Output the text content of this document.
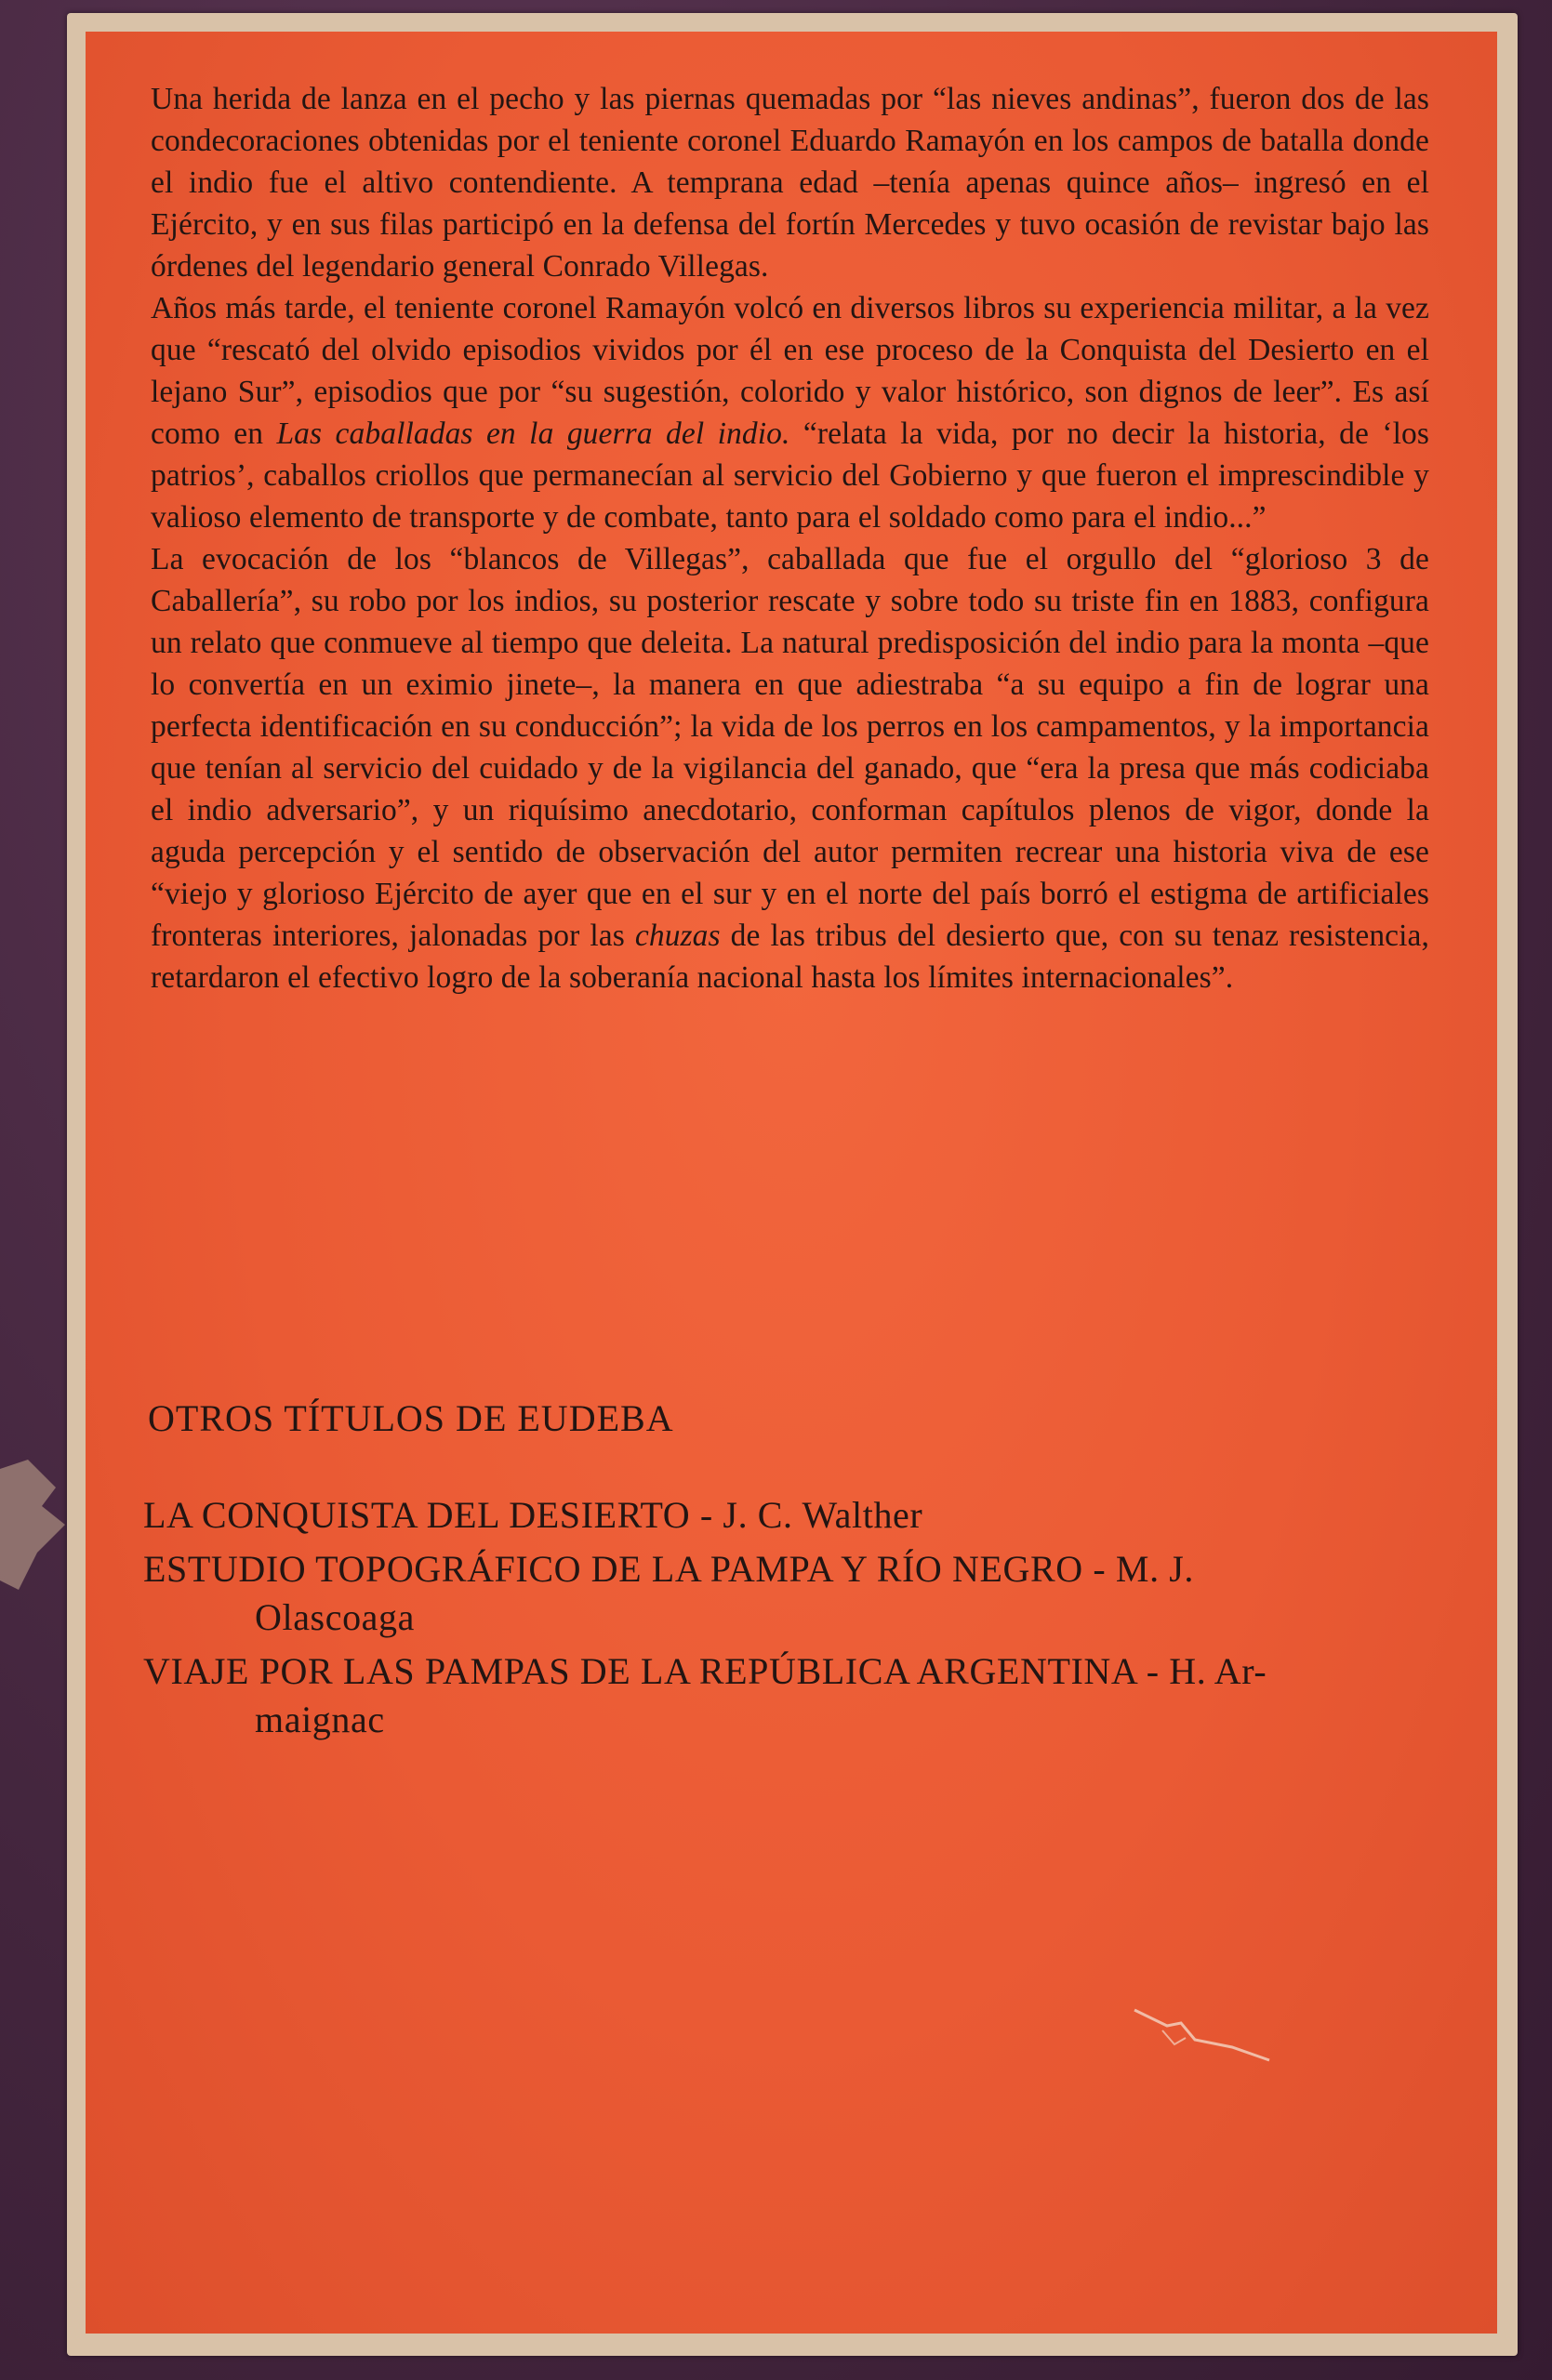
Una herida de lanza en el pecho y las piernas quemadas por “las nieves andinas”, fueron dos de las condecoraciones obtenidas por el teniente coronel Eduardo Ramayón en los campos de batalla donde el indio fue el altivo contendiente. A temprana edad –tenía apenas quince años– ingresó en el Ejército, y en sus filas participó en la defensa del fortín Mercedes y tuvo ocasión de revistar bajo las órdenes del legendario general Conrado Villegas.

Años más tarde, el teniente coronel Ramayón volcó en diversos libros su experiencia militar, a la vez que “rescató del olvido episodios vividos por él en ese proceso de la Conquista del Desierto en el lejano Sur”, episodios que por “su sugestión, colorido y valor histórico, son dignos de leer”. Es así como en Las caballadas en la guerra del indio. “relata la vida, por no decir la historia, de ‘los patrios’, caballos criollos que permanecían al servicio del Gobierno y que fueron el imprescindible y valioso elemento de transporte y de combate, tanto para el soldado como para el indio...”

La evocación de los “blancos de Villegas”, caballada que fue el orgullo del “glorioso 3 de Caballería”, su robo por los indios, su posterior rescate y sobre todo su triste fin en 1883, configura un relato que conmueve al tiempo que deleita. La natural predisposición del indio para la monta –que lo convertía en un eximio jinete–, la manera en que adiestraba “a su equipo a fin de lograr una perfecta identificación en su conducción”; la vida de los perros en los campamentos, y la importancia que tenían al servicio del cuidado y de la vigilancia del ganado, que “era la presa que más codiciaba el indio adversario”, y un riquísimo anecdotario, conforman capítulos plenos de vigor, donde la aguda percepción y el sentido de observación del autor permiten recrear una historia viva de ese “viejo y glorioso Ejército de ayer que en el sur y en el norte del país borró el estigma de artificiales fronteras interiores, jalonadas por las chuzas de las tribus del desierto que, con su tenaz resistencia, retardaron el efectivo logro de la soberanía nacional hasta los límites internacionales”.

OTROS TÍTULOS DE EUDEBA

LA CONQUISTA DEL DESIERTO - J. C. Walther

ESTUDIO TOPOGRÁFICO DE LA PAMPA Y RÍO NEGRO - M. J.
Olascoaga

VIAJE POR LAS PAMPAS DE LA REPÚBLICA ARGENTINA - H. Ar-
maignac
